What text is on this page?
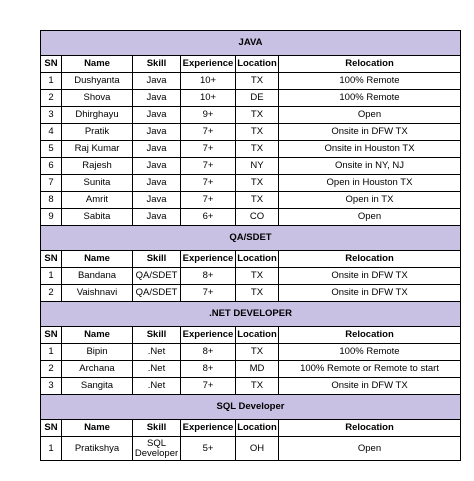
JAVA					
SN	Name	Skill	Experience	Location	Relocation
1	Dushyanta	Java	10+	TX	100% Remote
2	Shova	Java	10+	DE	100% Remote
3	Dhirghayu	Java	9+	TX	Open
4	Pratik	Java	7+	TX	Onsite in DFW TX
5	Raj Kumar	Java	7+	TX	Onsite in Houston TX
6	Rajesh	Java	7+	NY	Onsite in NY, NJ
7	Sunita	Java	7+	TX	Open in Houston TX
8	Amrit	Java	7+	TX	Open in TX
9	Sabita	Java	6+	CO	Open
QA/SDET					
SN	Name	Skill	Experience	Location	Relocation
1	Bandana	QA/SDET	8+	TX	Onsite in DFW TX
2	Vaishnavi	QA/SDET	7+	TX	Onsite in DFW TX
.NET DEVELOPER					
SN	Name	Skill	Experience	Location	Relocation
1	Bipin	.Net	8+	TX	100% Remote
2	Archana	.Net	8+	MD	100% Remote or Remote to start
3	Sangita	.Net	7+	TX	Onsite in DFW TX
SQL Developer					
SN	Name	Skill	Experience	Location	Relocation
1	Pratikshya	SQL Developer	5+	OH	Open
